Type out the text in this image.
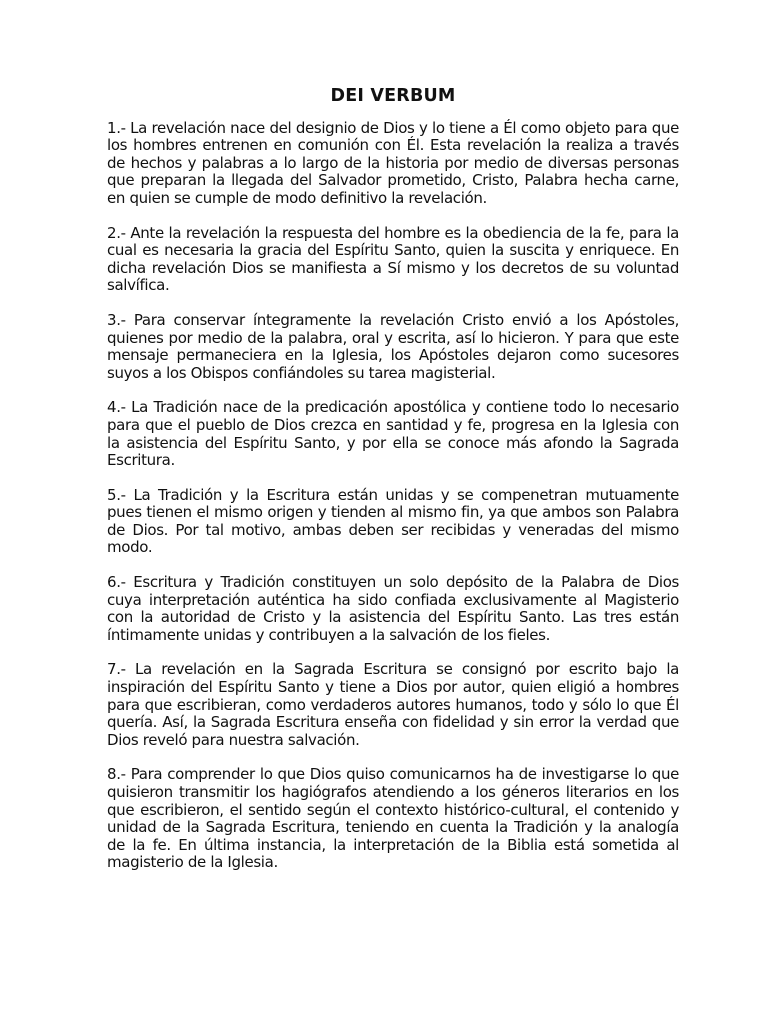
DEI VERBUM
1.- La revelación nace del designio de Dios y lo tiene a Él como objeto para que los hombres entrenen en comunión con Él. Esta revelación la realiza a través de hechos y palabras a lo largo de la historia por medio de diversas personas que preparan la llegada del Salvador prometido, Cristo, Palabra hecha carne, en quien se cumple de modo definitivo la revelación.
2.- Ante la revelación la respuesta del hombre es la obediencia de la fe, para la cual es necesaria la gracia del Espíritu Santo, quien la suscita y enriquece. En dicha revelación Dios se manifiesta a Sí mismo y los decretos de su voluntad salvífica.
3.- Para conservar íntegramente la revelación Cristo envió a los Apóstoles, quienes por medio de la palabra, oral y escrita, así lo hicieron. Y para que este mensaje permaneciera en la Iglesia, los Apóstoles dejaron como sucesores suyos a los Obispos confiándoles su tarea magisterial.
4.- La Tradición nace de la predicación apostólica y contiene todo lo necesario para que el pueblo de Dios crezca en santidad y fe, progresa en la Iglesia con la asistencia del Espíritu Santo, y por ella se conoce más afondo la Sagrada Escritura.
5.- La Tradición y la Escritura están unidas y se compenetran mutuamente pues tienen el mismo origen y tienden al mismo fin, ya que ambos son Palabra de Dios. Por tal motivo, ambas deben ser recibidas y veneradas del mismo modo.
6.- Escritura y Tradición constituyen un solo depósito de la Palabra de Dios cuya interpretación auténtica ha sido confiada exclusivamente al Magisterio con la autoridad de Cristo y la asistencia del Espíritu Santo. Las tres están íntimamente unidas y contribuyen a la salvación de los fieles.
7.- La revelación en la Sagrada Escritura se consignó por escrito bajo la inspiración del Espíritu Santo y tiene a Dios por autor, quien eligió a hombres para que escribieran, como verdaderos autores humanos, todo y sólo lo que Él quería. Así, la Sagrada Escritura enseña con fidelidad y sin error la verdad que Dios reveló para nuestra salvación.
8.- Para comprender lo que Dios quiso comunicarnos ha de investigarse lo que quisieron transmitir los hagiógrafos atendiendo a los géneros literarios en los que escribieron, el sentido según el contexto histórico-cultural, el contenido y unidad de la Sagrada Escritura, teniendo en cuenta la Tradición y la analogía de la fe. En última instancia, la interpretación de la Biblia está sometida al magisterio de la Iglesia.
